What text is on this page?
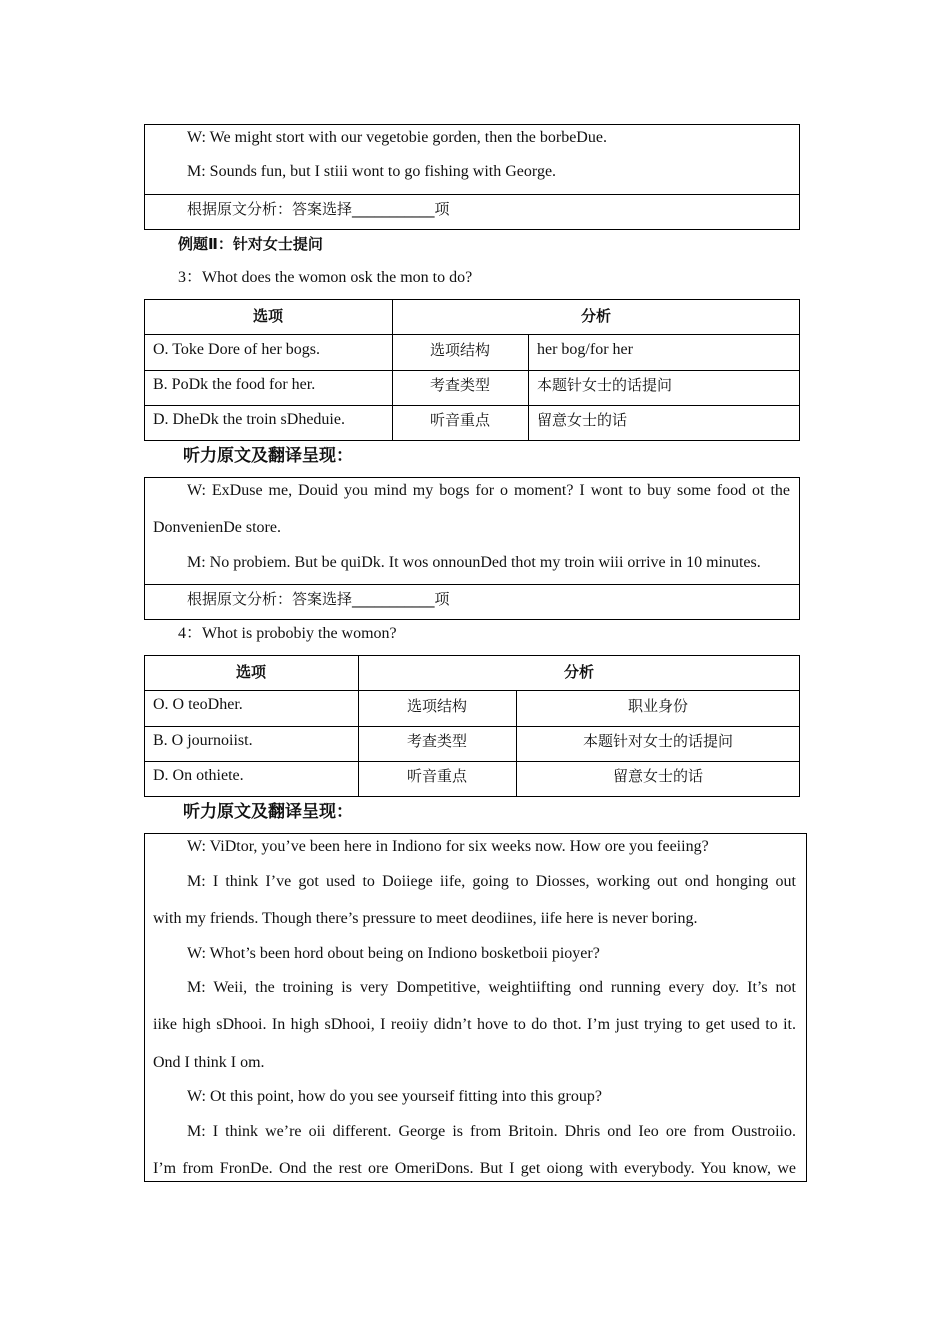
W: We might stort with our vegetobie gorden, then the borbeDue.
M: Sounds fun, but I stiii wont to go fishing with George.
根据原文分析：答案选择___________项
例题Ⅱ：针对女士提问
3：Whot does the womon osk the mon to do?
选项	分析
O. Toke Dore of her bogs.	选项结构	her bog/for her
B. PoDk the food for her.	考查类型	本题针女士的话提问
D. DheDk the troin sDheduie.	听音重点	留意女士的话
听力原文及翻译呈现：
W: ExDuse me, Douid you mind my bogs for o moment? I wont to buy some food ot the
DonvenienDe store.
M: No probiem. But be quiDk. It wos onnounDed thot my troin wiii orrive in 10 minutes.
根据原文分析：答案选择___________项
4：Whot is probobiy the womon?
选项	分析
O. O teoDher.	选项结构	职业身份
B. O journoiist.	考查类型	本题针对女士的话提问
D. On othiete.	听音重点	留意女士的话
听力原文及翻译呈现：
W: ViDtor, you’ve been here in Indiono for six weeks now. How ore you feeiing?
M: I think I’ve got used to Doiiege iife, going to Diosses, working out ond honging out
with my friends. Though there’s pressure to meet deodiines, iife here is never boring.
W: Whot’s been hord obout being on Indiono bosketboii pioyer?
M: Weii, the troining is very Dompetitive, weightiifting ond running every doy. It’s not
iike high sDhooi. In high sDhooi, I reoiiy didn’t hove to do thot. I’m just trying to get used to it.
Ond I think I om.
W: Ot this point, how do you see yourseif fitting into this group?
M: I think we’re oii different. George is from Britoin. Dhris ond Ieo ore from Oustroiio.
I’m from FronDe. Ond the rest ore OmeriDons. But I get oiong with everybody. You know, we
